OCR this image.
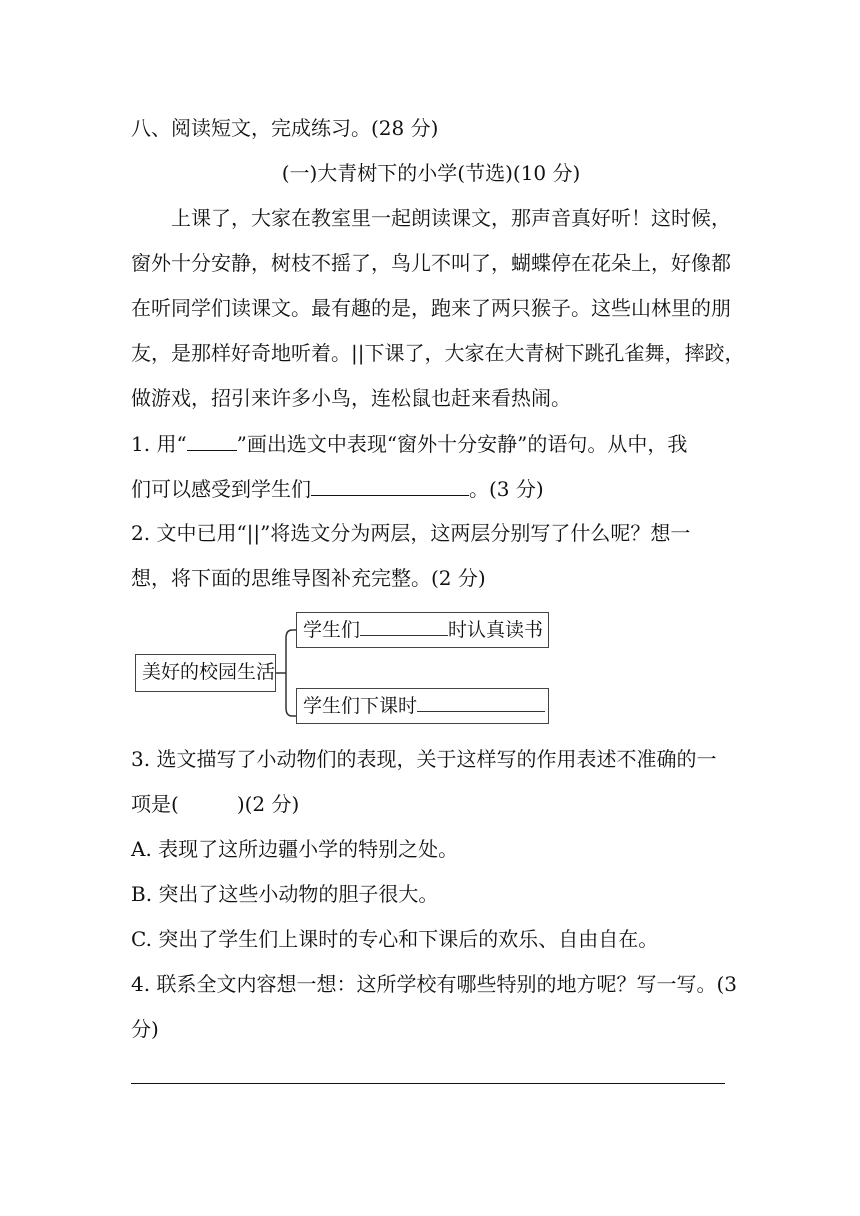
八、阅读短文，完成练习。(28 分)
(一)大青树下的小学(节选)(10 分)
上课了，大家在教室里一起朗读课文，那声音真好听！这时候，
窗外十分安静，树枝不摇了，鸟儿不叫了，蝴蝶停在花朵上，好像都
在听同学们读课文。最有趣的是，跑来了两只猴子。这些山林里的朋
友，是那样好奇地听着。||下课了，大家在大青树下跳孔雀舞，摔跤，
做游戏，招引来许多小鸟，连松鼠也赶来看热闹。
1. 用“	”画出选文中表现“窗外十分安静”的语句。从中，我
们可以感受到学生们	。(3 分)
2. 文中已用“||”将选文分为两层，这两层分别写了什么呢？想一
想，将下面的思维导图补充完整。(2 分)
美好的校园生活
学生们	时认真读书
学生们下课时
3. 选文描写了小动物们的表现，关于这样写的作用表述不准确的一
项是(	)(2 分)
A. 表现了这所边疆小学的特别之处。
B. 突出了这些小动物的胆子很大。
C. 突出了学生们上课时的专心和下课后的欢乐、自由自在。
4. 联系全文内容想一想：这所学校有哪些特别的地方呢？写一写。(3
分)
